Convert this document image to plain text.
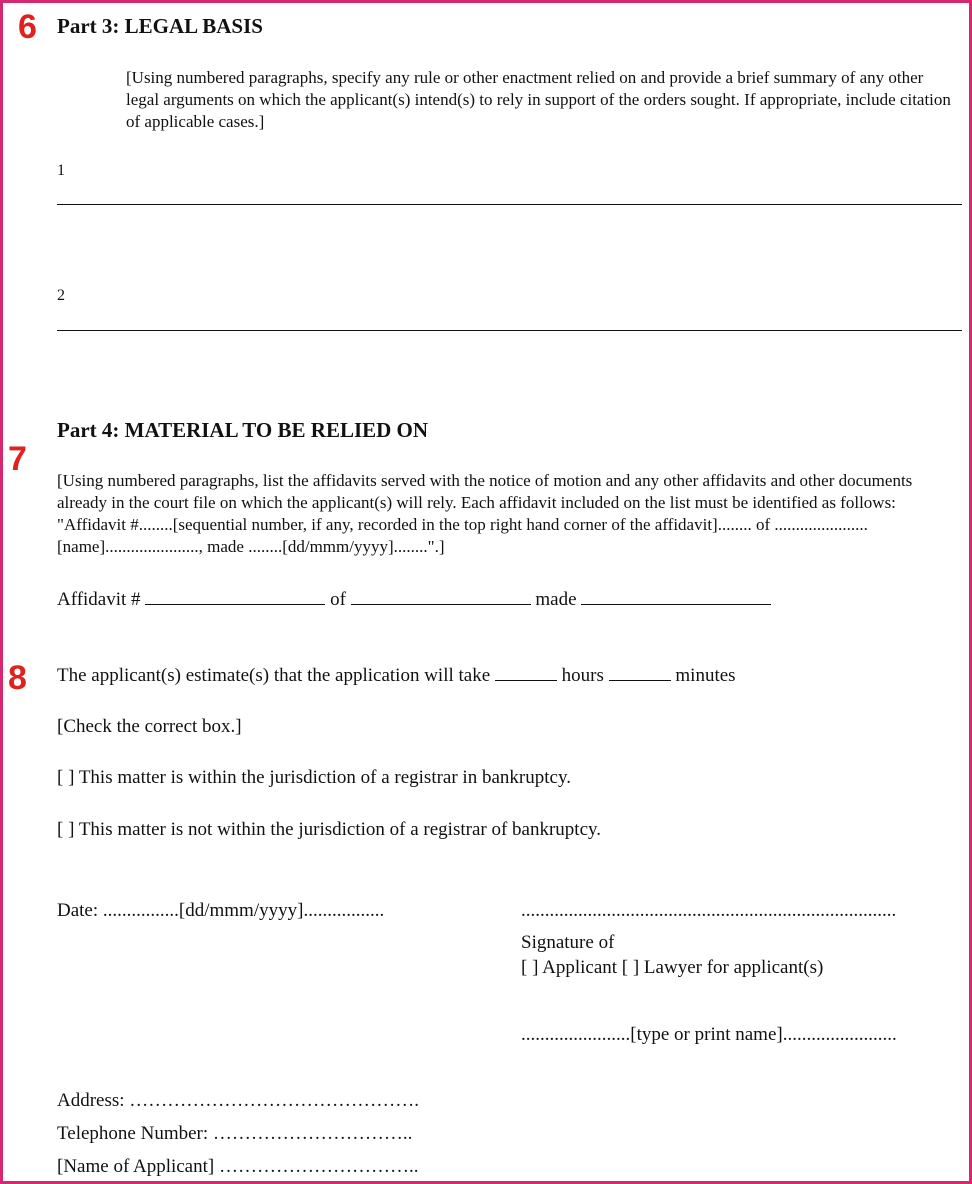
6
7
8
Part 3: LEGAL BASIS
[Using numbered paragraphs, specify any rule or other enactment relied on and provide a brief summary of any other legal arguments on which the applicant(s) intend(s) to rely in support of the orders sought. If appropriate, include citation of applicable cases.]
1
2
Part 4: MATERIAL TO BE RELIED ON
[Using numbered paragraphs, list the affidavits served with the notice of motion and any other affidavits and other documents already in the court file on which the applicant(s) will rely. Each affidavit included on the list must be identified as follows: "Affidavit #........[sequential number, if any, recorded in the top right hand corner of the affidavit]........ of ......................[name]......................, made ........[dd/mmm/yyyy]........".]
Affidavit #	of	made
The applicant(s) estimate(s) that the application will take	hours	minutes
[Check the correct box.]
[ ] This matter is within the jurisdiction of a registrar in bankruptcy.
[ ] This matter is not within the jurisdiction of a registrar of bankruptcy.
Date: ................[dd/mmm/yyyy].................	...............................................................................
Signature of
[ ] Applicant [ ] Lawyer for applicant(s)
.......................[type or print name]........................
Address: ……………………………………….
Telephone Number: …………………………..
[Name of Applicant] …………………………..
